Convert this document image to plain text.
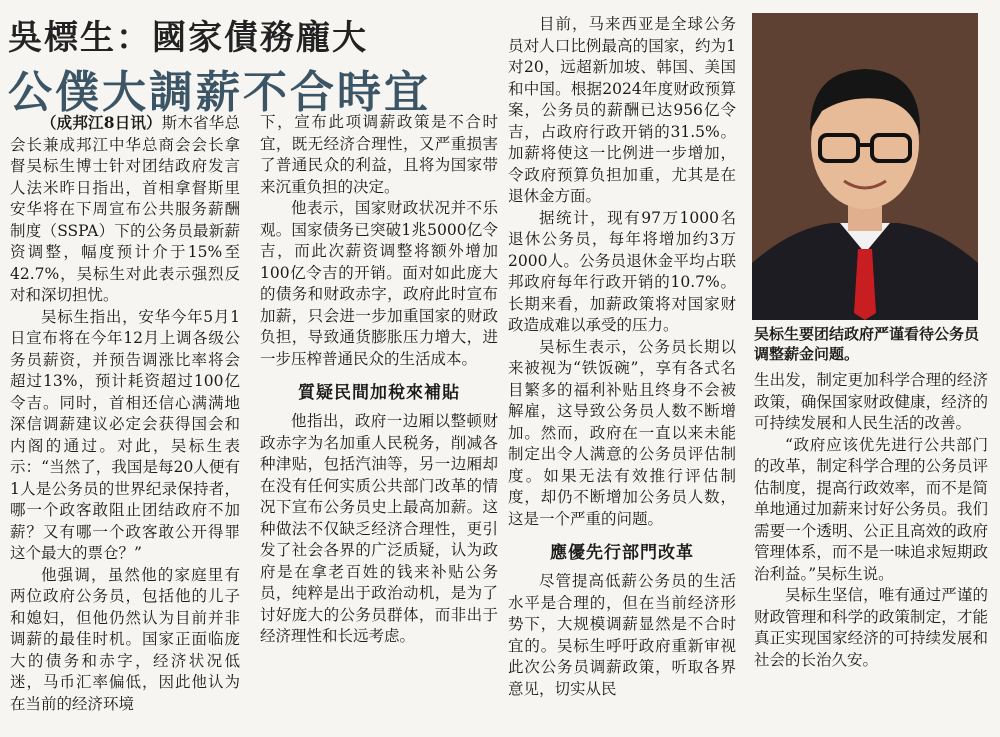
吳標生：國家債務龐大
公僕大調薪不合時宜

（成邦江8日讯）斯木省华总会长兼成邦江中华总商会会长拿督吴标生博士针对团结政府发言人法米昨日指出，首相拿督斯里安华将在下周宣布公共服务薪酬制度（SSPA）下的公务员最新薪资调整，幅度预计介于15%至42.7%，吴标生对此表示强烈反对和深切担忧。

吴标生指出，安华今年5月1日宣布将在今年12月上调各级公务员薪资，并预告调涨比率将会超过13%，预计耗资超过100亿令吉。同时，首相还信心满满地深信调薪建议必定会获得国会和内阁的通过。对此，吴标生表示：“当然了，我国是每20人便有1人是公务员的世界纪录保持者，哪一个政客敢阻止团结政府不加薪？又有哪一个政客敢公开得罪这个最大的票仓？”

他强调，虽然他的家庭里有两位政府公务员，包括他的儿子和媳妇，但他仍然认为目前并非调薪的最佳时机。国家正面临庞大的债务和赤字，经济状况低迷，马币汇率偏低，因此他认为在当前的经济环境

下，宣布此项调薪政策是不合时宜，既无经济合理性，又严重损害了普通民众的利益，且将为国家带来沉重负担的决定。

他表示，国家财政状况并不乐观。国家债务已突破1兆5000亿令吉，而此次薪资调整将额外增加100亿令吉的开销。面对如此庞大的债务和财政赤字，政府此时宣布加薪，只会进一步加重国家的财政负担，导致通货膨胀压力增大，进一步压榨普通民众的生活成本。

質疑民間加稅來補貼

他指出，政府一边厢以整顿财政赤字为名加重人民税务，削减各种津贴，包括汽油等，另一边厢却在没有任何实质公共部门改革的情况下宣布公务员史上最高加薪。这种做法不仅缺乏经济合理性，更引发了社会各界的广泛质疑，认为政府是在拿老百姓的钱来补贴公务员，纯粹是出于政治动机，是为了讨好庞大的公务员群体，而非出于经济理性和长远考虑。

目前，马来西亚是全球公务员对人口比例最高的国家，约为1对20，远超新加坡、韩国、美国和中国。根据2024年度财政预算案，公务员的薪酬已达956亿令吉，占政府行政开销的31.5%。加薪将使这一比例进一步增加，令政府预算负担加重，尤其是在退休金方面。

据统计，现有97万1000名退休公务员，每年将增加约3万2000人。公务员退休金平均占联邦政府每年行政开销的10.7%。长期来看，加薪政策将对国家财政造成难以承受的压力。

吴标生表示，公务员长期以来被视为“铁饭碗”，享有各式名目繁多的福利补贴且终身不会被解雇，这导致公务员人数不断增加。然而，政府在一直以来未能制定出令人满意的公务员评估制度。如果无法有效推行评估制度，却仍不断增加公务员人数，这是一个严重的问题。

應優先行部門改革

尽管提高低薪公务员的生活水平是合理的，但在当前经济形势下，大规模调薪显然是不合时宜的。吴标生呼吁政府重新审视此次公务员调薪政策，听取各界意见，切实从民

吴标生要团结政府严谨看待公务员调整薪金问题。

生出发，制定更加科学合理的经济政策，确保国家财政健康，经济的可持续发展和人民生活的改善。

“政府应该优先进行公共部门的改革，制定科学合理的公务员评估制度，提高行政效率，而不是简单地通过加薪来讨好公务员。我们需要一个透明、公正且高效的政府管理体系，而不是一味追求短期政治利益。”吴标生说。

吴标生坚信，唯有通过严谨的财政管理和科学的政策制定，才能真正实现国家经济的可持续发展和社会的长治久安。
